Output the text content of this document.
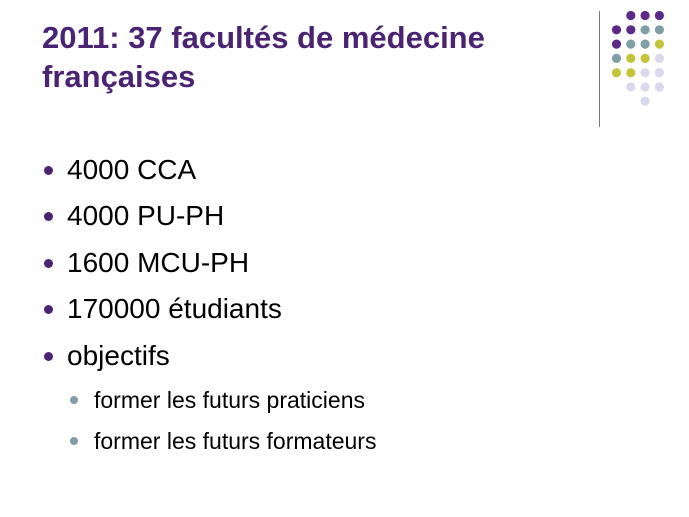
2011: 37 facultés de médecine
françaises
4000 CCA
4000 PU-PH
1600 MCU-PH
170000 étudiants
objectifs
former les futurs praticiens
former les futurs formateurs
